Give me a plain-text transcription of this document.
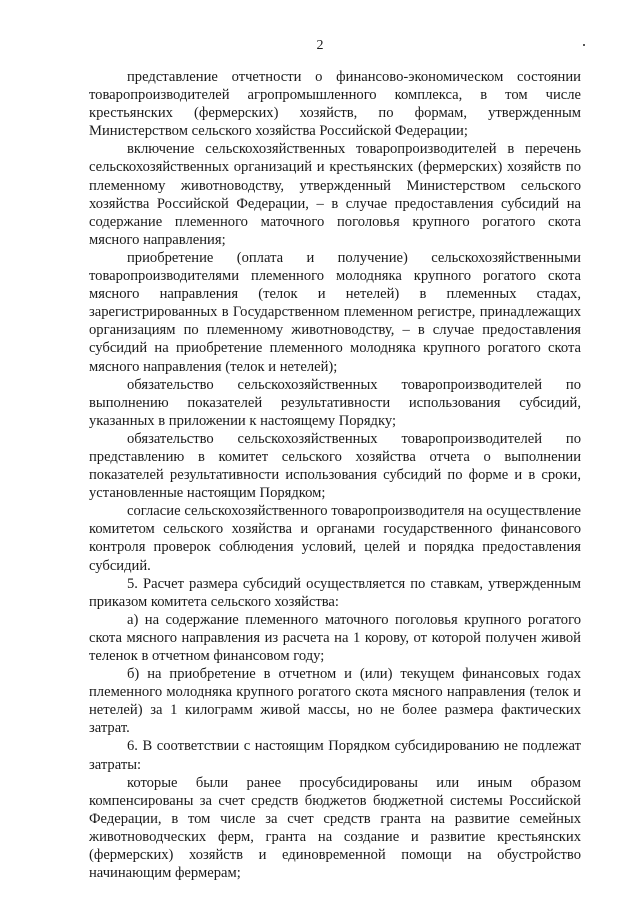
2

представление отчетности о финансово-экономическом состоянии товаропроизводителей агропромышленного комплекса, в том числе крестьянских (фермерских) хозяйств, по формам, утвержденным Министерством сельского хозяйства Российской Федерации;

включение сельскохозяйственных товаропроизводителей в перечень сельскохозяйственных организаций и крестьянских (фермерских) хозяйств по племенному животноводству, утвержденный Министерством сельского хозяйства Российской Федерации, – в случае предоставления субсидий на содержание племенного маточного поголовья крупного рогатого скота мясного направления;

приобретение (оплата и получение) сельскохозяйственными товаропроизводителями племенного молодняка крупного рогатого скота мясного направления (телок и нетелей) в племенных стадах, зарегистрированных в Государственном племенном регистре, принадлежащих организациям по племенному животноводству, – в случае предоставления субсидий на приобретение племенного молодняка крупного рогатого скота мясного направления (телок и нетелей);

обязательство сельскохозяйственных товаропроизводителей по выполнению показателей результативности использования субсидий, указанных в приложении к настоящему Порядку;

обязательство сельскохозяйственных товаропроизводителей по представлению в комитет сельского хозяйства отчета о выполнении показателей результативности использования субсидий по форме и в сроки, установленные настоящим Порядком;

согласие сельскохозяйственного товаропроизводителя на осуществление комитетом сельского хозяйства и органами государственного финансового контроля проверок соблюдения условий, целей и порядка предоставления субсидий.

5. Расчет размера субсидий осуществляется по ставкам, утвержденным приказом комитета сельского хозяйства:

а) на содержание племенного маточного поголовья крупного рогатого скота мясного направления из расчета на 1 корову, от которой получен живой теленок в отчетном финансовом году;

б) на приобретение в отчетном и (или) текущем финансовых годах племенного молодняка крупного рогатого скота мясного направления (телок и нетелей) за 1 килограмм живой массы, но не более размера фактических затрат.

6. В соответствии с настоящим Порядком субсидированию не подлежат затраты:

которые были ранее просубсидированы или иным образом компенсированы за счет средств бюджетов бюджетной системы Российской Федерации, в том числе за счет средств гранта на развитие семейных животноводческих ферм, гранта на создание и развитие крестьянских (фермерских) хозяйств и единовременной помощи на обустройство начинающим фермерам;
